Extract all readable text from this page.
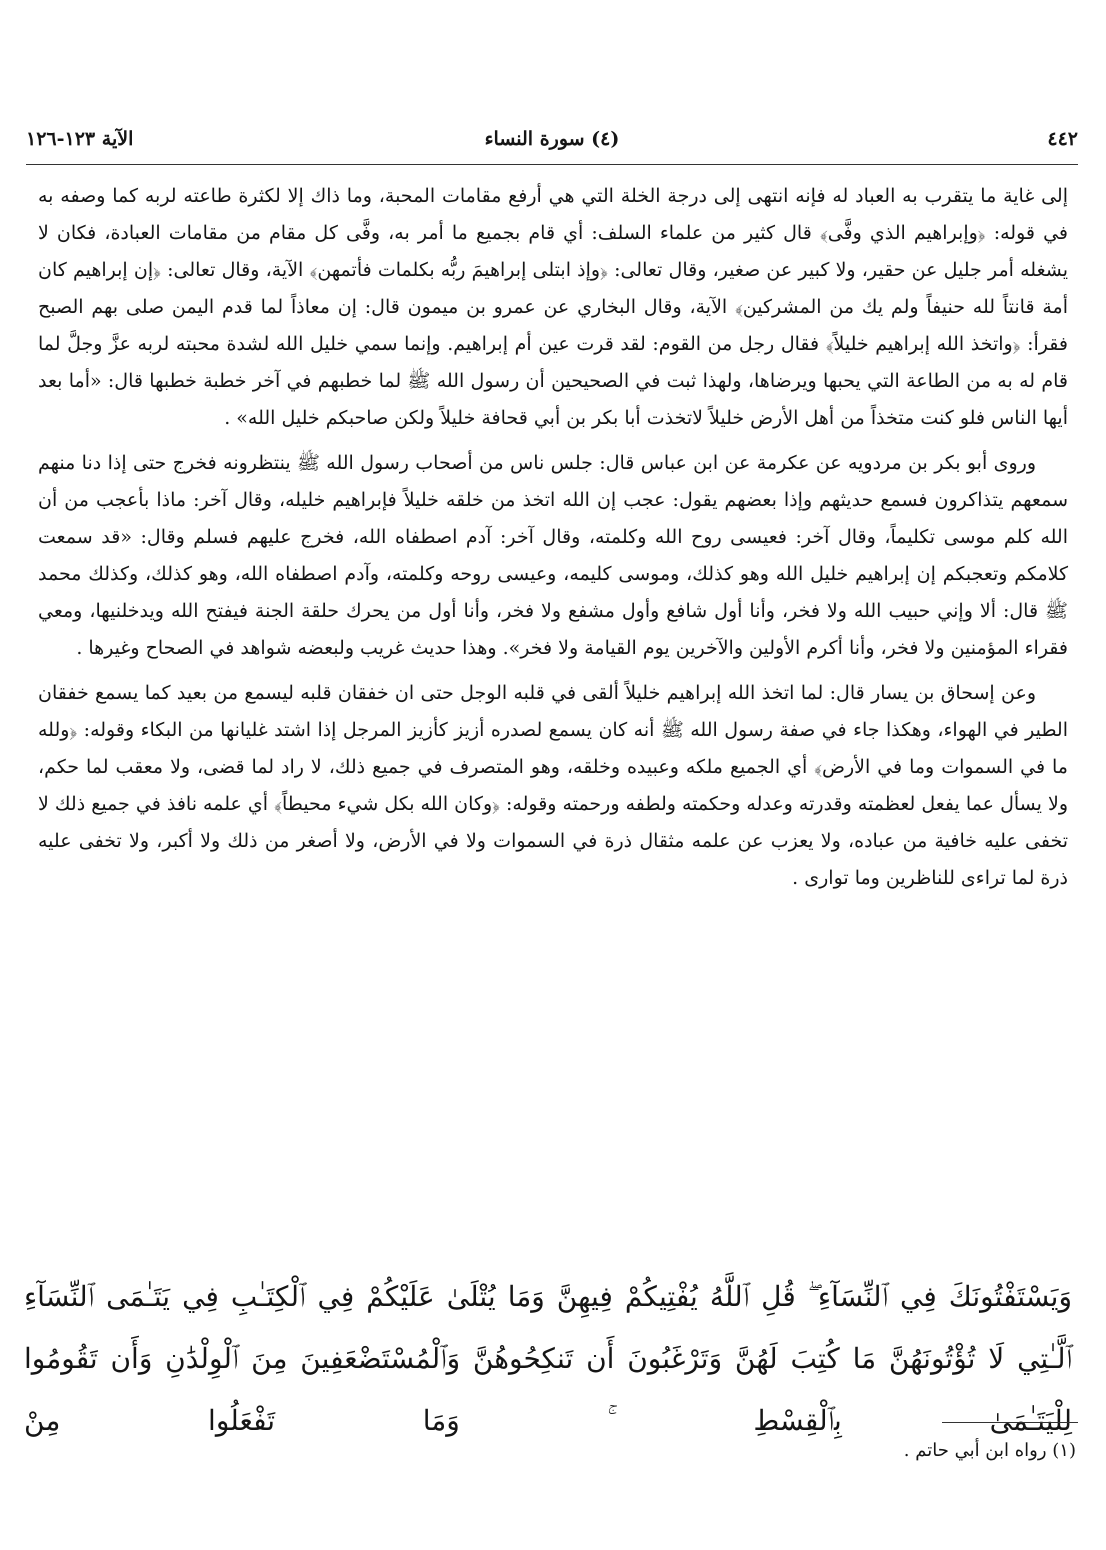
٤٤٢
(٤) سورة النساء
الآية ١٢٣-١٢٦

إلى غاية ما يتقرب به العباد له فإنه انتهى إلى درجة الخلة التي هي أرفع مقامات المحبة، وما ذاك إلا لكثرة طاعته لربه كما وصفه به في قوله: ﴿وإبراهيم الذي وفَّى﴾ قال كثير من علماء السلف: أي قام بجميع ما أمر به، وفَّى كل مقام من مقامات العبادة، فكان لا يشغله أمر جليل عن حقير، ولا كبير عن صغير، وقال تعالى: ﴿وإذ ابتلى إبراهيمَ ربُّه بكلمات فأتمهن﴾ الآية، وقال تعالى: ﴿إن إبراهيم كان أمة قانتاً لله حنيفاً ولم يك من المشركين﴾ الآية، وقال البخاري عن عمرو بن ميمون قال: إن معاذاً لما قدم اليمن صلى بهم الصبح فقرأ: ﴿واتخذ الله إبراهيم خليلاً﴾ فقال رجل من القوم: لقد قرت عين أم إبراهيم. وإنما سمي خليل الله لشدة محبته لربه عزَّ وجلَّ لما قام له به من الطاعة التي يحبها ويرضاها، ولهذا ثبت في الصحيحين أن رسول الله ﷺ لما خطبهم في آخر خطبة خطبها قال: «أما بعد أيها الناس فلو كنت متخذاً من أهل الأرض خليلاً لاتخذت أبا بكر بن أبي قحافة خليلاً ولكن صاحبكم خليل الله» .

وروى أبو بكر بن مردويه عن عكرمة عن ابن عباس قال: جلس ناس من أصحاب رسول الله ﷺ ينتظرونه فخرج حتى إذا دنا منهم سمعهم يتذاكرون فسمع حديثهم وإذا بعضهم يقول: عجب إن الله اتخذ من خلقه خليلاً فإبراهيم خليله، وقال آخر: ماذا بأعجب من أن الله كلم موسى تكليماً، وقال آخر: فعيسى روح الله وكلمته، وقال آخر: آدم اصطفاه الله، فخرج عليهم فسلم وقال: «قد سمعت كلامكم وتعجبكم إن إبراهيم خليل الله وهو كذلك، وموسى كليمه، وعيسى روحه وكلمته، وآدم اصطفاه الله، وهو كذلك، وكذلك محمد ﷺ قال: ألا وإني حبيب الله ولا فخر، وأنا أول شافع وأول مشفع ولا فخر، وأنا أول من يحرك حلقة الجنة فيفتح الله ويدخلنيها، ومعي فقراء المؤمنين ولا فخر، وأنا أكرم الأولين والآخرين يوم القيامة ولا فخر». وهذا حديث غريب ولبعضه شواهد في الصحاح وغيرها .

وعن إسحاق بن يسار قال: لما اتخذ الله إبراهيم خليلاً ألقى في قلبه الوجل حتى ان خفقان قلبه ليسمع من بعيد كما يسمع خفقان الطير في الهواء، وهكذا جاء في صفة رسول الله ﷺ أنه كان يسمع لصدره أزيز كأزيز المرجل إذا اشتد غليانها من البكاء وقوله: ﴿ولله ما في السموات وما في الأرض﴾ أي الجميع ملكه وعبيده وخلقه، وهو المتصرف في جميع ذلك، لا راد لما قضى، ولا معقب لما حكم، ولا يسأل عما يفعل لعظمته وقدرته وعدله وحكمته ولطفه ورحمته وقوله: ﴿وكان الله بكل شيء محيطاً﴾ أي علمه نافذ في جميع ذلك لا تخفى عليه خافية من عباده، ولا يعزب عن علمه مثقال ذرة في السموات ولا في الأرض، ولا أصغر من ذلك ولا أكبر، ولا تخفى عليه ذرة لما تراءى للناظرين وما توارى .

وَيَسْتَفْتُونَكَ فِي ٱلنِّسَآءِ ۖ قُلِ ٱللَّهُ يُفْتِيكُمْ فِيهِنَّ وَمَا يُتْلَىٰ عَلَيْكُمْ فِي ٱلْكِتَـٰبِ فِي يَتَـٰمَى ٱلنِّسَآءِ ٱلَّـٰتِي لَا تُؤْتُونَهُنَّ مَا كُتِبَ لَهُنَّ وَتَرْغَبُونَ أَن تَنكِحُوهُنَّ وَٱلْمُسْتَضْعَفِينَ مِنَ ٱلْوِلْدَٰنِ وَأَن تَقُومُوا لِلْيَتَـٰمَىٰ بِٱلْقِسْطِ ۚ وَمَا تَفْعَلُوا مِنْ
(١) رواه ابن أبي حاتم .
